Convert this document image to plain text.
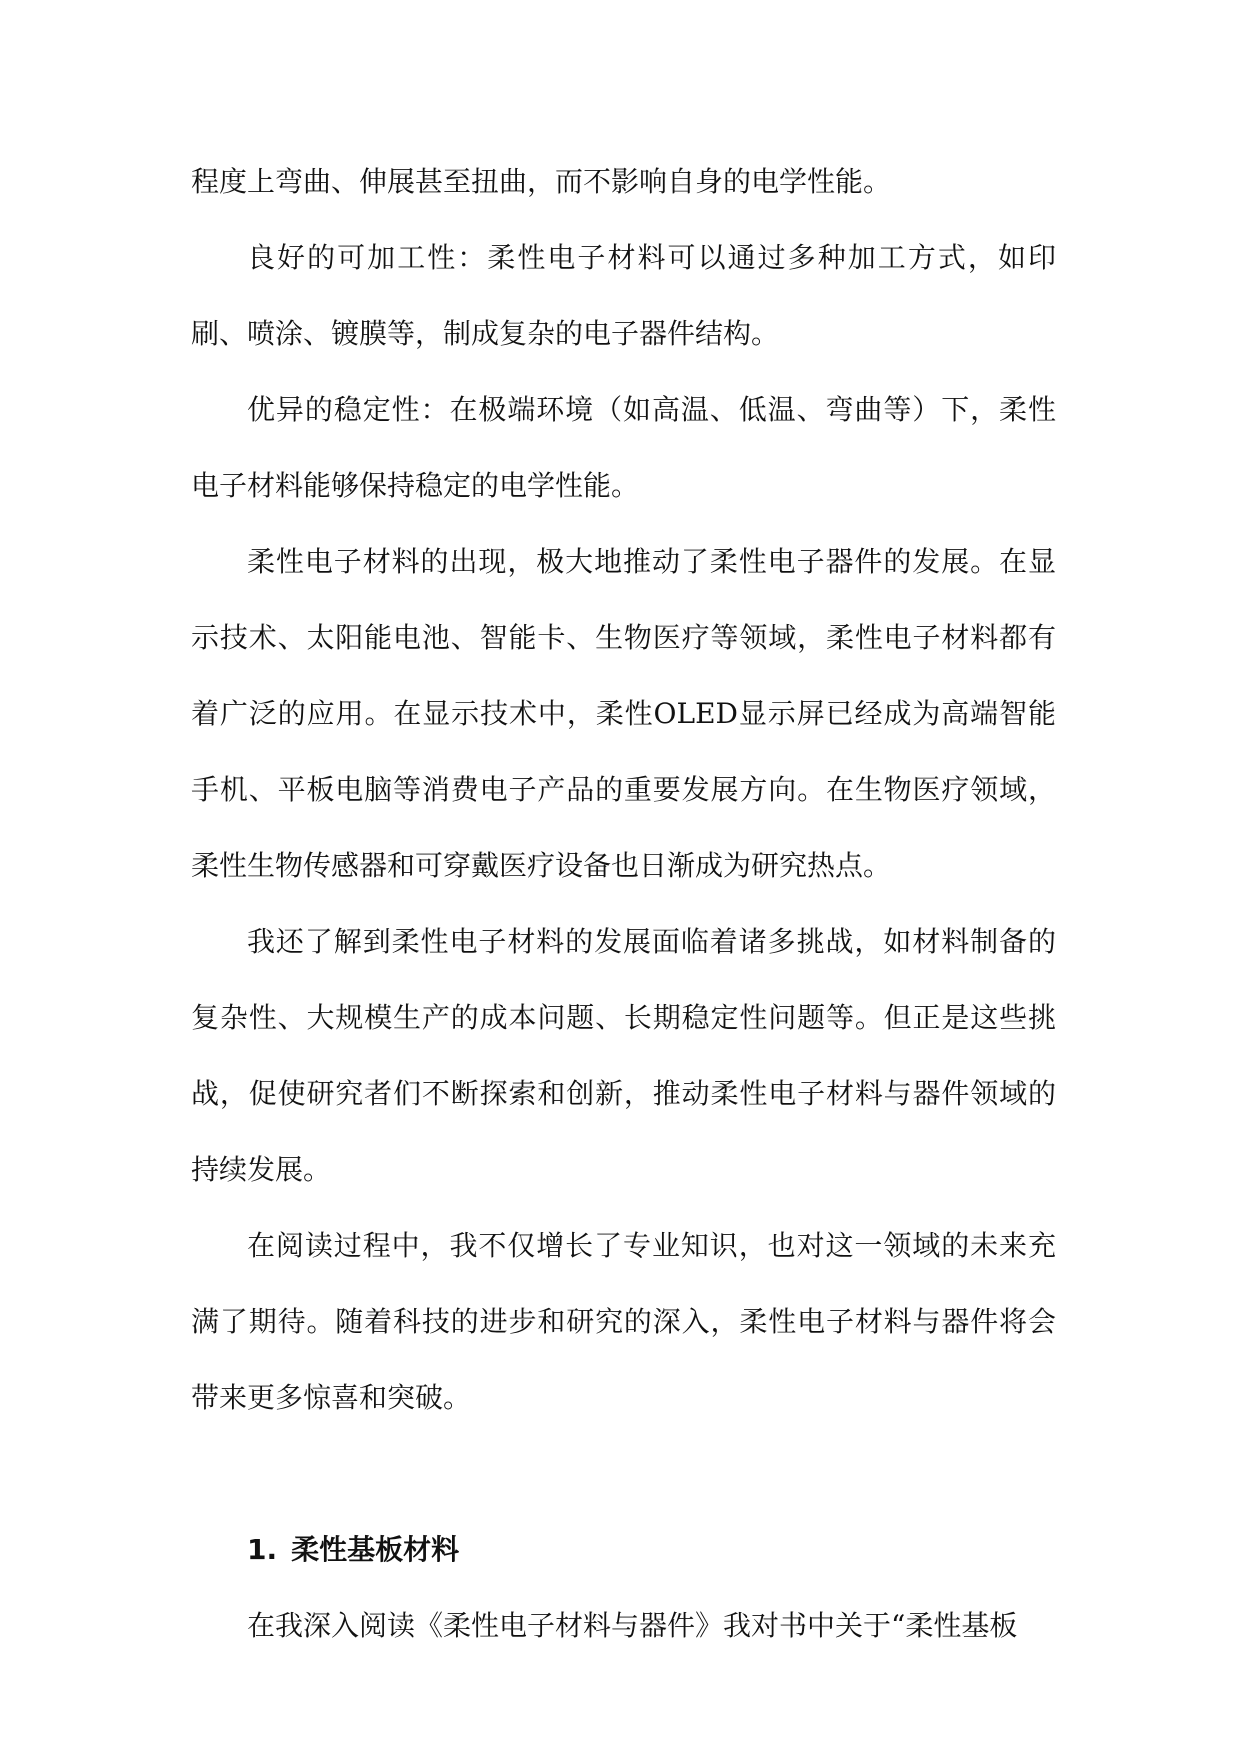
程度上弯曲、伸展甚至扭曲，而不影响自身的电学性能。

良好的可加工性：柔性电子材料可以通过多种加工方式，如印刷、喷涂、镀膜等，制成复杂的电子器件结构。

优异的稳定性：在极端环境（如高温、低温、弯曲等）下，柔性电子材料能够保持稳定的电学性能。

柔性电子材料的出现，极大地推动了柔性电子器件的发展。在显示技术、太阳能电池、智能卡、生物医疗等领域，柔性电子材料都有着广泛的应用。在显示技术中，柔性OLED显示屏已经成为高端智能手机、平板电脑等消费电子产品的重要发展方向。在生物医疗领域，柔性生物传感器和可穿戴医疗设备也日渐成为研究热点。

我还了解到柔性电子材料的发展面临着诸多挑战，如材料制备的复杂性、大规模生产的成本问题、长期稳定性问题等。但正是这些挑战，促使研究者们不断探索和创新，推动柔性电子材料与器件领域的持续发展。

在阅读过程中，我不仅增长了专业知识，也对这一领域的未来充满了期待。随着科技的进步和研究的深入，柔性电子材料与器件将会带来更多惊喜和突破。

1. 柔性基板材料

在我深入阅读《柔性电子材料与器件》我对书中关于“柔性基板
